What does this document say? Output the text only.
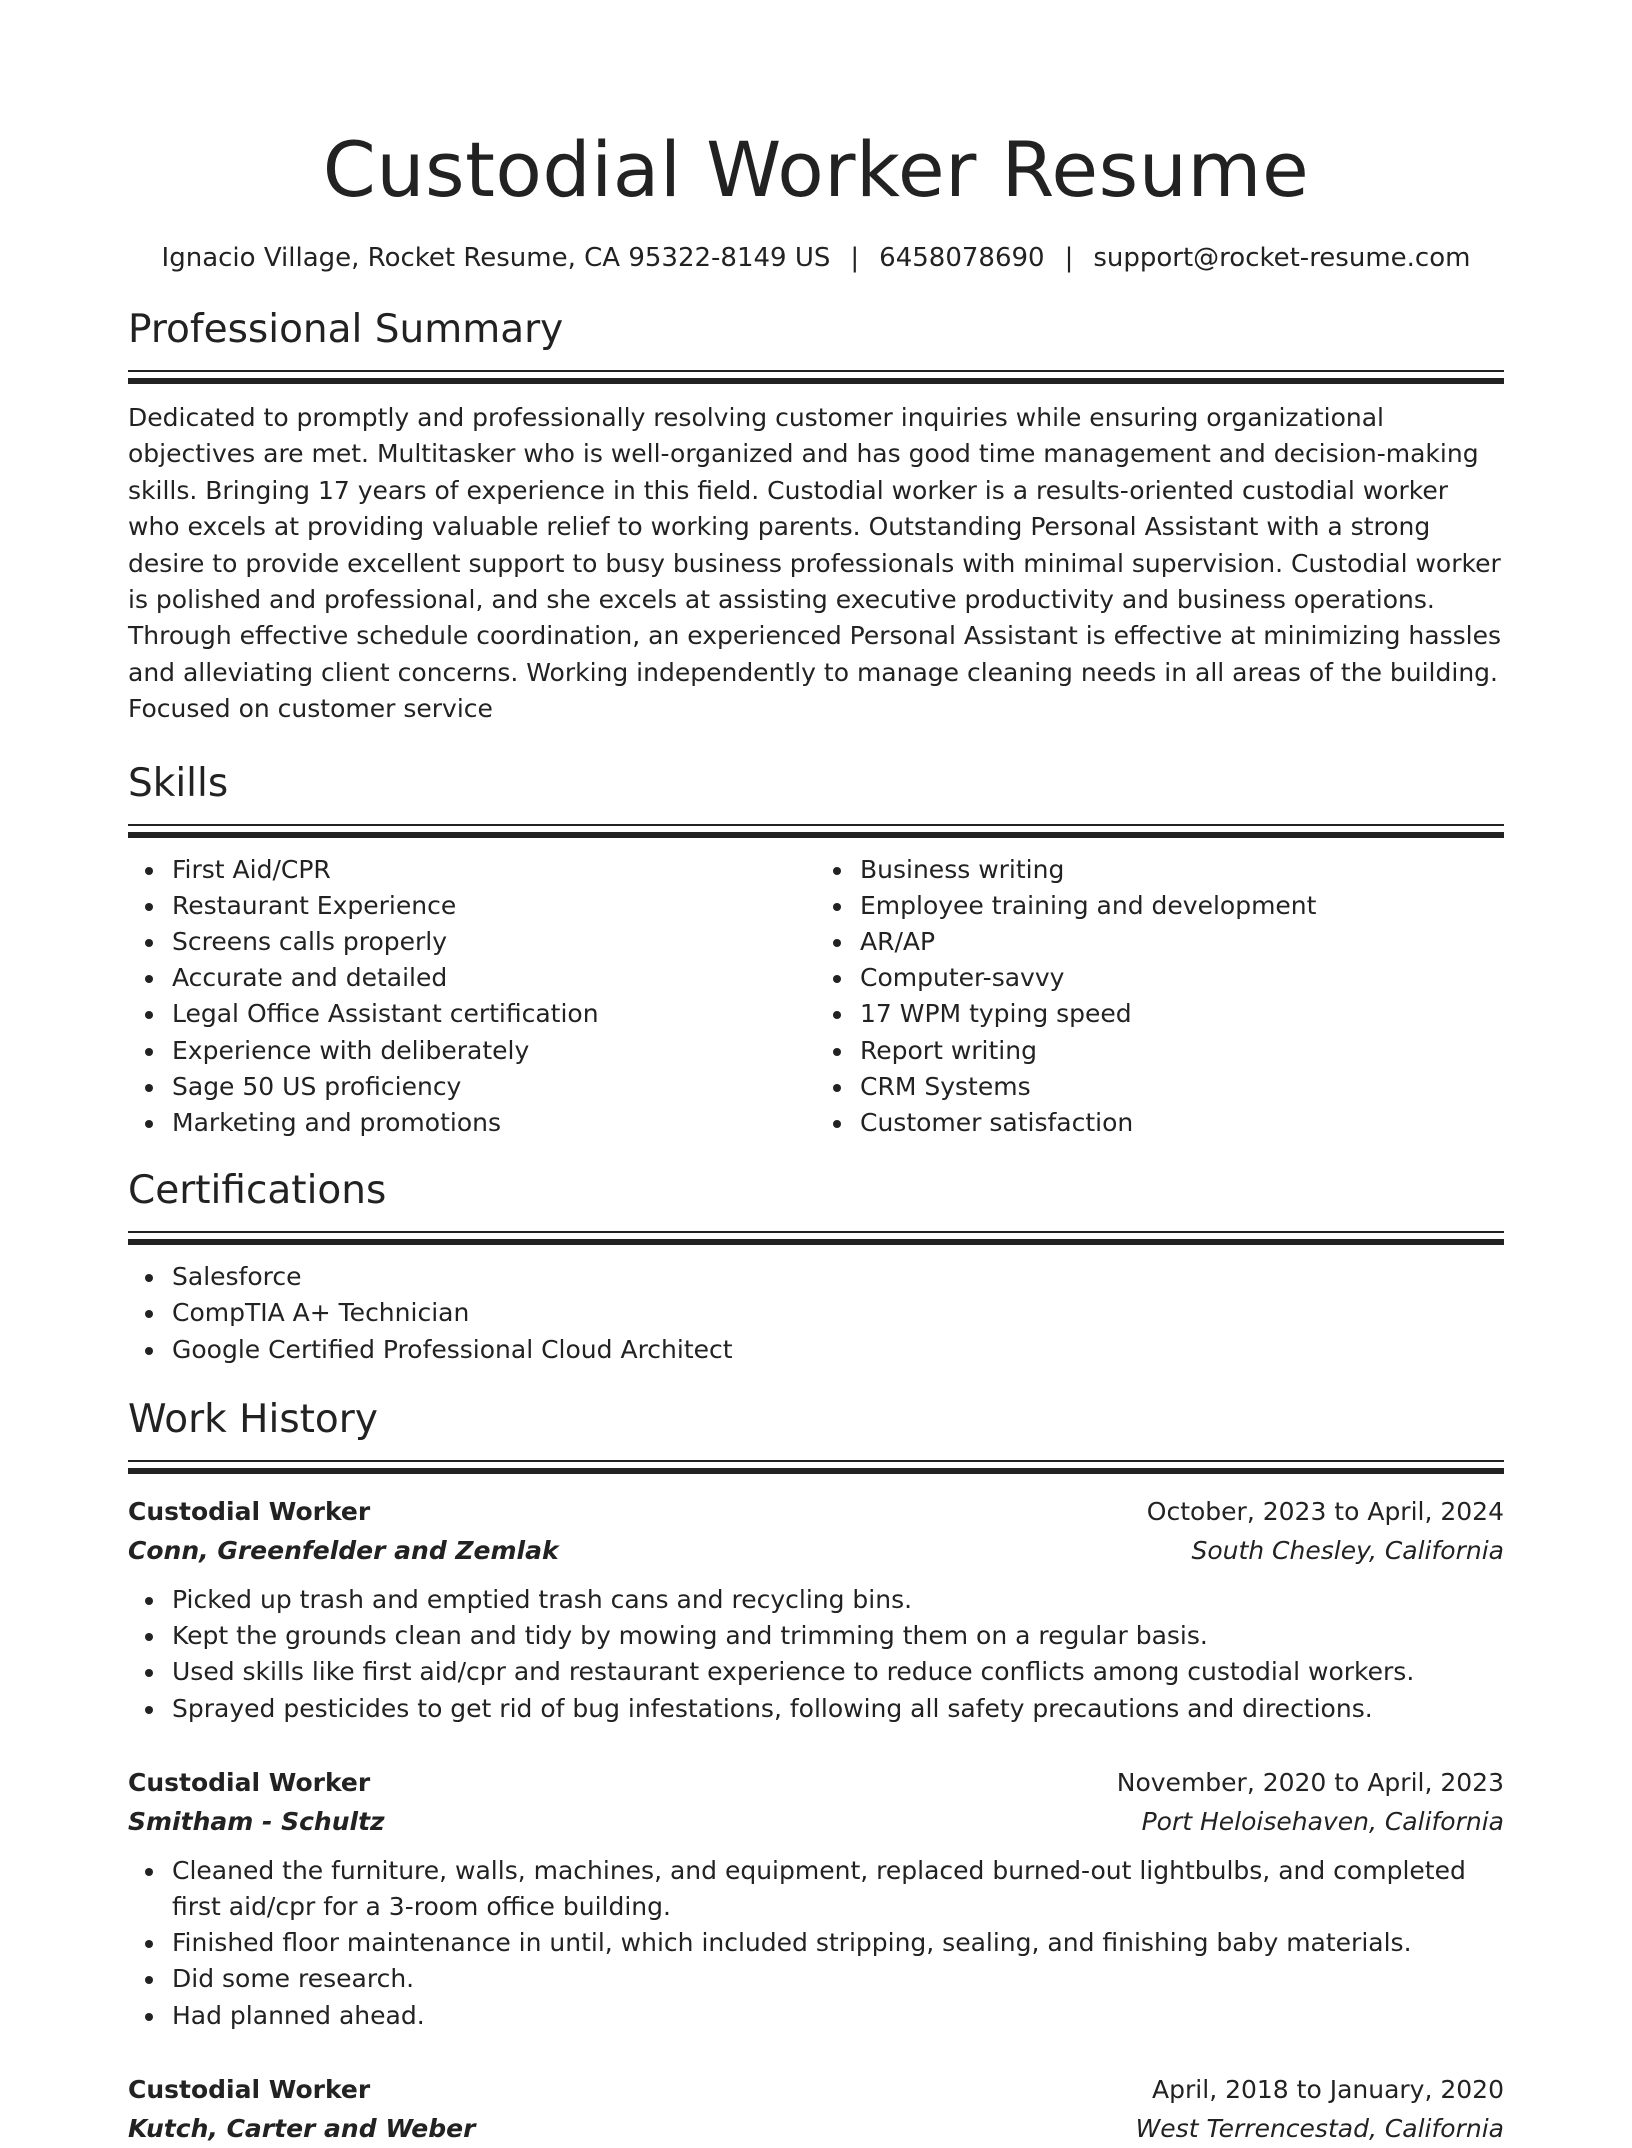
Custodial Worker Resume
Ignacio Village, Rocket Resume, CA 95322-8149 US | 6458078690 | support@rocket-resume.com
Professional Summary

Dedicated to promptly and professionally resolving customer inquiries while ensuring organizational objectives are met. Multitasker who is well-organized and has good time management and decision-making skills. Bringing 17 years of experience in this field. Custodial worker is a results-oriented custodial worker who excels at providing valuable relief to working parents. Outstanding Personal Assistant with a strong desire to provide excellent support to busy business professionals with minimal supervision. Custodial worker is polished and professional, and she excels at assisting executive productivity and business operations. Through effective schedule coordination, an experienced Personal Assistant is effective at minimizing hassles and alleviating client concerns. Working independently to manage cleaning needs in all areas of the building. Focused on customer service

Skills
First Aid/CPR
Restaurant Experience
Screens calls properly
Accurate and detailed
Legal Office Assistant certification
Experience with deliberately
Sage 50 US proficiency
Marketing and promotions
Business writing
Employee training and development
AR/AP
Computer-savvy
17 WPM typing speed
Report writing
CRM Systems
Customer satisfaction
Certifications
Salesforce
CompTIA A+ Technician
Google Certified Professional Cloud Architect
Work History
Custodial Worker	October, 2023 to April, 2024
Conn, Greenfelder and Zemlak	South Chesley, California
Picked up trash and emptied trash cans and recycling bins.
Kept the grounds clean and tidy by mowing and trimming them on a regular basis.
Used skills like first aid/cpr and restaurant experience to reduce conflicts among custodial workers.
Sprayed pesticides to get rid of bug infestations, following all safety precautions and directions.
Custodial Worker	November, 2020 to April, 2023
Smitham - Schultz	Port Heloisehaven, California
Cleaned the furniture, walls, machines, and equipment, replaced burned-out lightbulbs, and completed first aid/cpr for a 3-room office building.
Finished floor maintenance in until, which included stripping, sealing, and finishing baby materials.
Did some research.
Had planned ahead.
Custodial Worker	April, 2018 to January, 2020
Kutch, Carter and Weber	West Terrencestad, California
